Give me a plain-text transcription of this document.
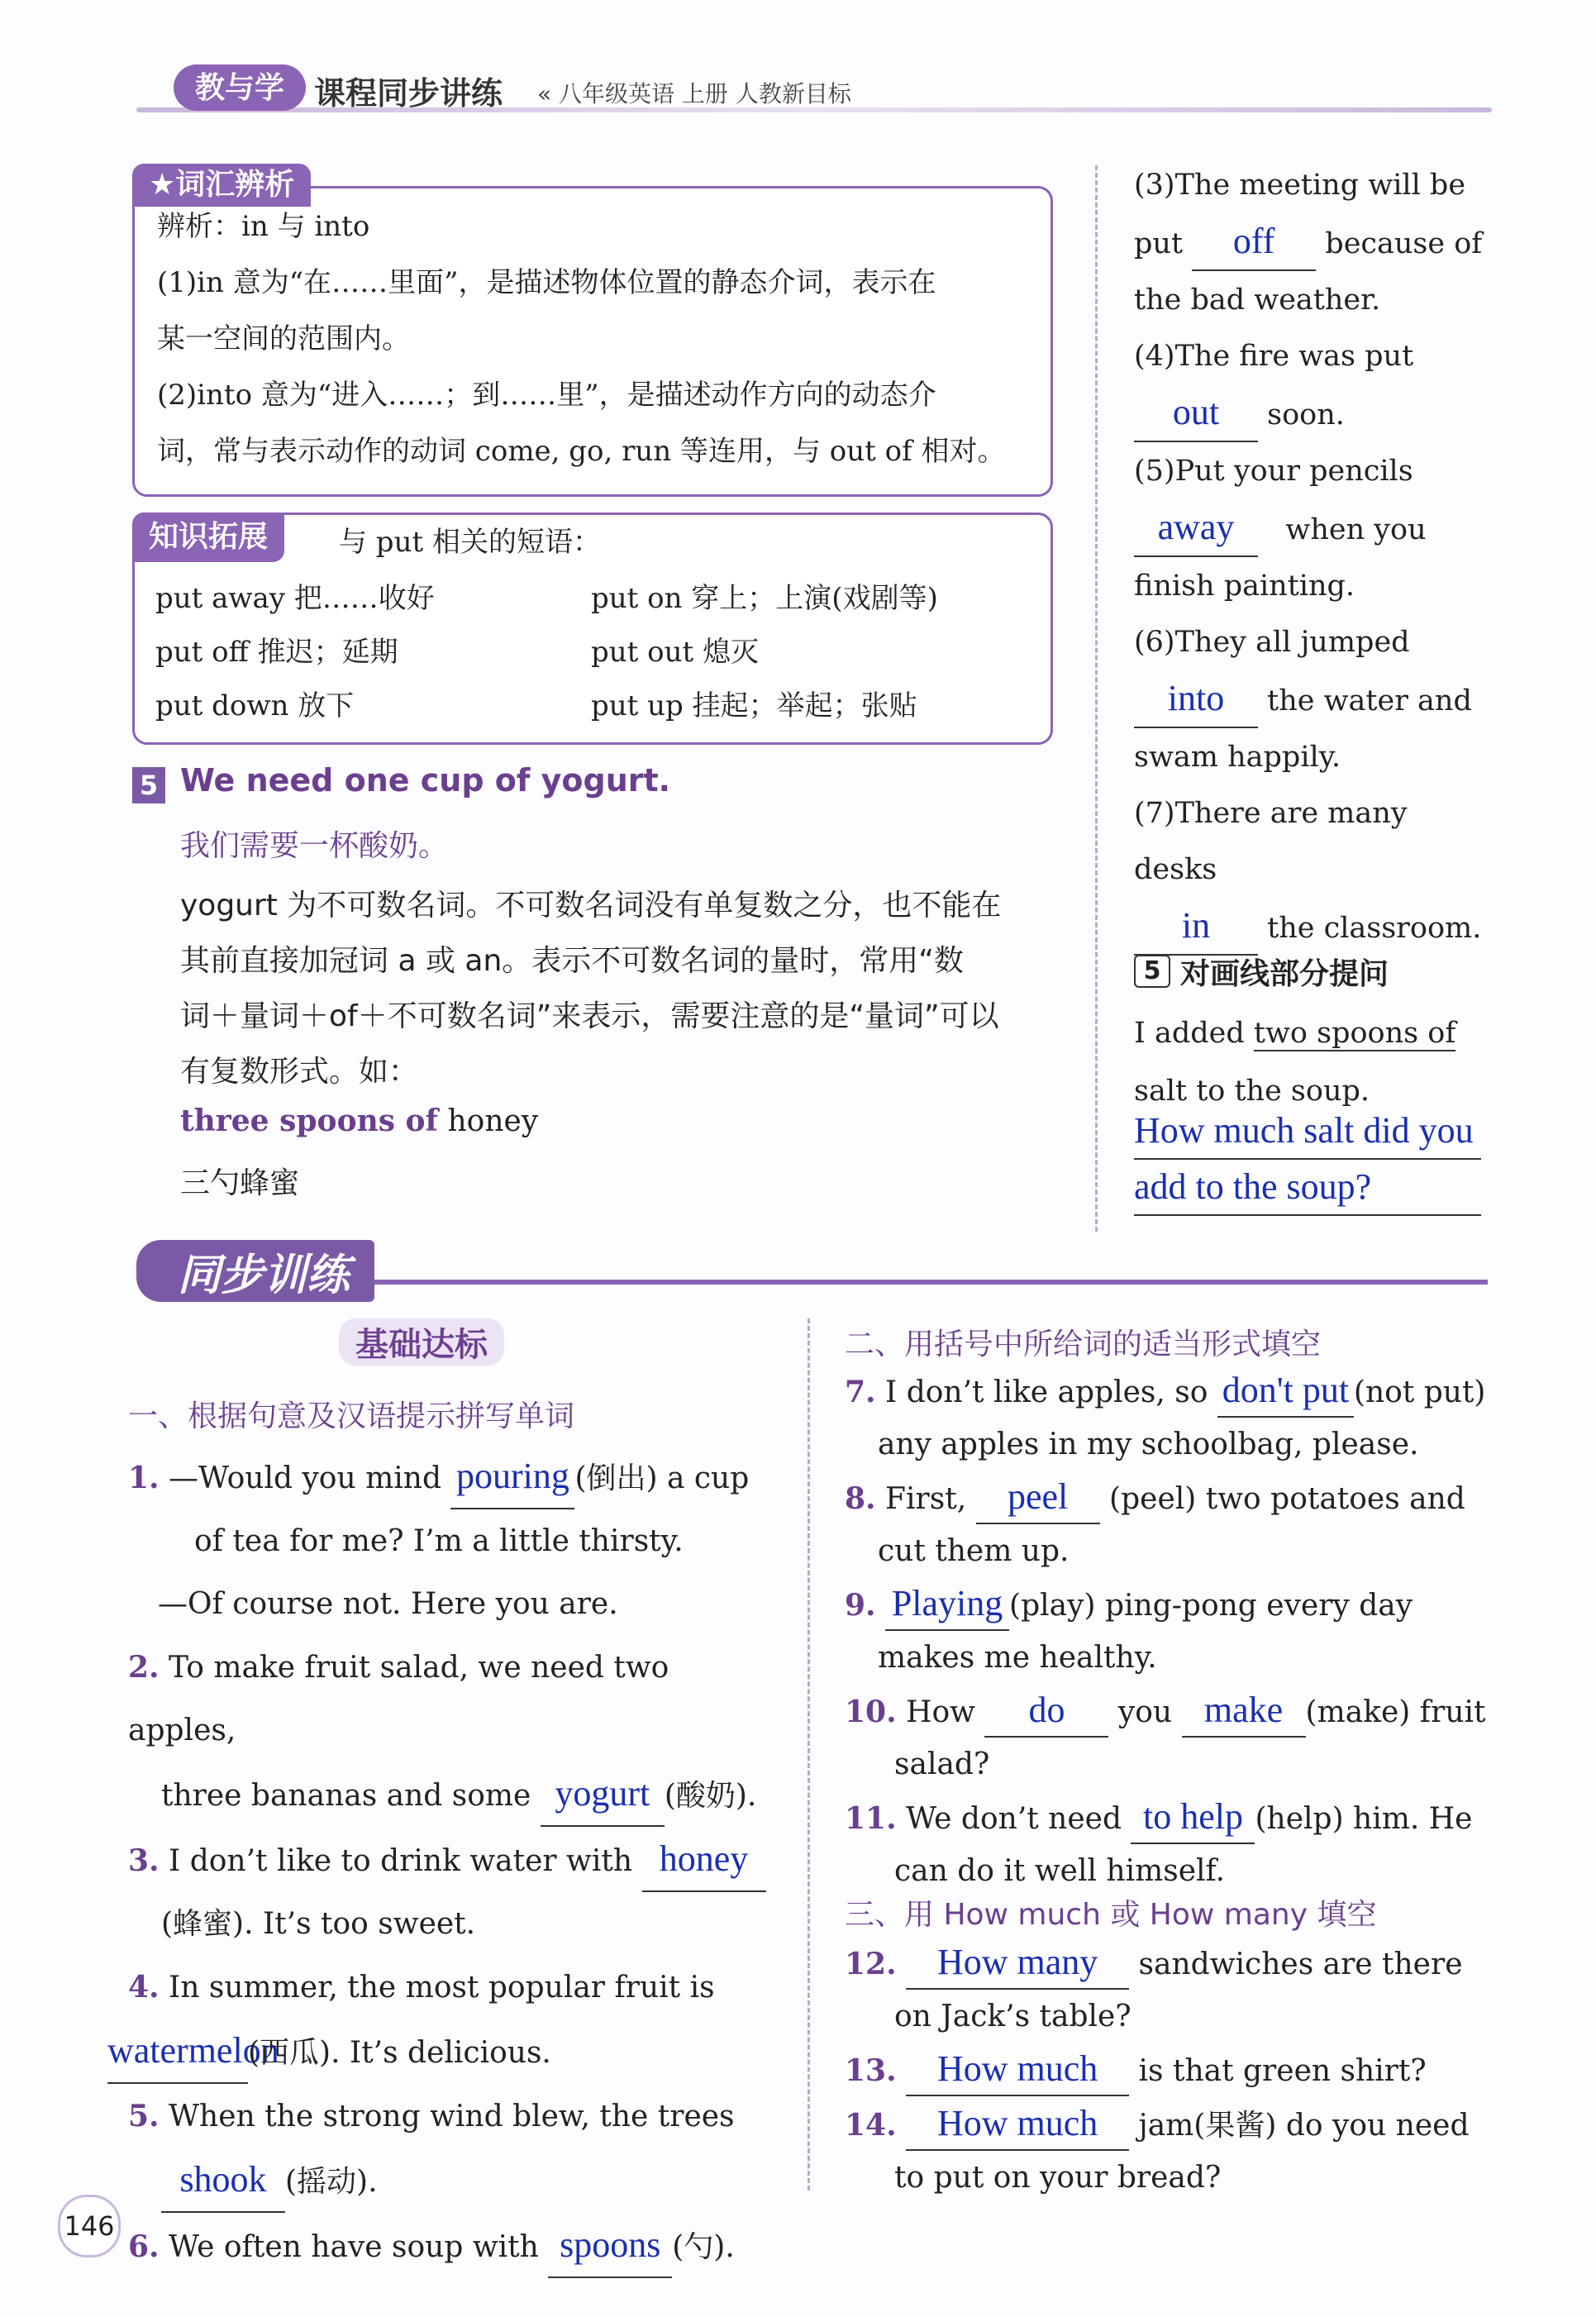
教与学 课程同步讲练 « 八年级英语 上册 人教新目标
★词汇辨析
辨析：in 与 into
(1)in 意为“在……里面”，是描述物体位置的静态介词，表示在
某一空间的范围内。
(2)into 意为“进入……；到……里”，是描述动作方向的动态介
词，常与表示动作的动词 come, go, run 等连用，与 out of 相对。
知识拓展	与 put 相关的短语：
put away 把……收好	put on 穿上；上演(戏剧等)
put off 推迟；延期	put out 熄灭
put down 放下	put up 挂起；举起；张贴
5 We need one cup of yogurt.
我们需要一杯酸奶。
yogurt 为不可数名词。不可数名词没有单复数之分，也不能在
其前直接加冠词 a 或 an。表示不可数名词的量时，常用“数
词＋量词＋of＋不可数名词”来表示，需要注意的是“量词”可以
有复数形式。如：
three spoons of honey
三勺蜂蜜
(3)The meeting will be
put off because of
the bad weather.
(4)The fire was put
out soon.
(5)Put your pencils
away when you
finish painting.
(6)They all jumped
into the water and
swam happily.
(7)There are many desks
in the classroom.
5 对画线部分提问
I added two spoons of
salt to the soup.
How much salt did you
add to the soup?
同步训练
基础达标
一、根据句意及汉语提示拼写单词
1. —Would you mind pouring (倒出) a cup
of tea for me? I’m a little thirsty.
—Of course not. Here you are.
2. To make fruit salad, we need two apples,
three bananas and some yogurt (酸奶).
3. I don’t like to drink water with honey
(蜂蜜). It’s too sweet.
4. In summer, the most popular fruit is
watermelon(西瓜). It’s delicious.
5. When the strong wind blew, the trees
shook (摇动).
6. We often have soup with spoons (勺).
二、用括号中所给词的适当形式填空
7. I don’t like apples, so don't put (not put)
any apples in my schoolbag, please.
8. First, peel (peel) two potatoes and
cut them up.
9. Playing (play) ping-pong every day
makes me healthy.
10. How do you make (make) fruit
salad?
11. We don’t need to help (help) him. He
can do it well himself.
三、用 How much 或 How many 填空
12. How many sandwiches are there
on Jack’s table?
13. How much is that green shirt?
14. How much jam(果酱) do you need
to put on your bread?
146
